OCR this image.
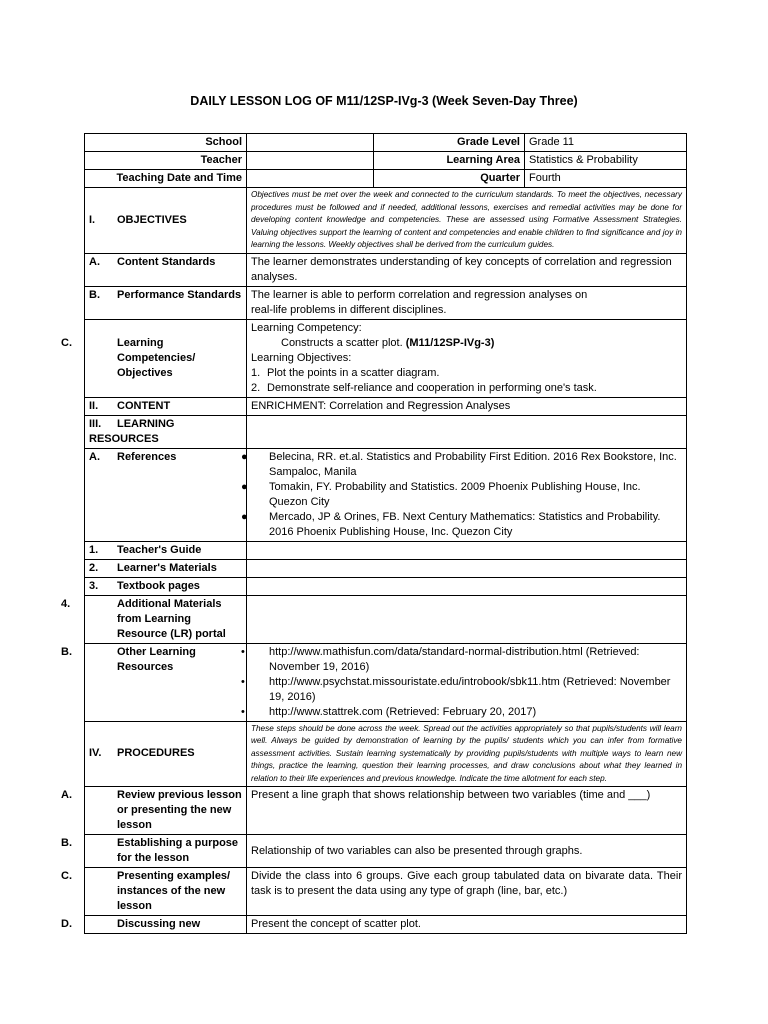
DAILY LESSON LOG OF M11/12SP-IVg-3 (Week Seven-Day Three)
School		Grade Level	Grade 11
Teacher		Learning Area	Statistics & Probability
Teaching Date and Time		Quarter	Fourth
I. OBJECTIVES	Objectives must be met over the week and connected to the curriculum standards. To meet the objectives, necessary procedures must be followed and if needed, additional lessons, exercises and remedial activities may be done for developing content knowledge and competencies. These are assessed using Formative Assessment Strategies. Valuing objectives support the learning of content and competencies and enable children to find significance and joy in learning the lessons. Weekly objectives shall be derived from the curriculum guides.		
A. Content Standards	The learner demonstrates understanding of key concepts of correlation and regression analyses.		
B. Performance Standards	The learner is able to perform correlation and regression analyses on
real-life problems in different disciplines.		

C. Learning Competencies/ Objectives	Learning Competency:
Constructs a scatter plot. (M11/12SP-IVg-3)
Learning Objectives:
1. Plot the points in a scatter diagram.
2. Demonstrate self-reliance and cooperation in performing one's task.		

II. CONTENT	ENRICHMENT: Correlation and Regression Analyses		
III. LEARNING RESOURCES			
A. References	● Belecina, RR. et.al. Statistics and Probability First Edition. 2016 Rex Bookstore, Inc. Sampaloc, Manila
● Tomakin, FY. Probability and Statistics. 2009 Phoenix Publishing House, Inc. Quezon City
● Mercado, JP & Orines, FB. Next Century Mathematics: Statistics and Probability. 2016 Phoenix Publishing House, Inc. Quezon City		

1. Teacher's Guide			
2. Learner's Materials			
3. Textbook pages			
4. Additional Materials from Learning Resource (LR) portal			
B. Other Learning Resources	• http://www.mathisfun.com/data/standard-normal-distribution.html (Retrieved: November 19, 2016)
• http://www.psychstat.missouristate.edu/introbook/sbk11.htm (Retrieved: November 19, 2016)
• http://www.stattrek.com (Retrieved: February 20, 2017)		

IV. PROCEDURES	These steps should be done across the week. Spread out the activities appropriately so that pupils/students will learn well. Always be guided by demonstration of learning by the pupils/ students which you can infer from formative assessment activities. Sustain learning systematically by providing pupils/students with multiple ways to learn new things, practice the learning, question their learning processes, and draw conclusions about what they learned in relation to their life experiences and previous knowledge. Indicate the time allotment for each step.		
A. Review previous lesson or presenting the new lesson	Present a line graph that shows relationship between two variables (time and ___)		
B. Establishing a purpose for the lesson	Relationship of two variables can also be presented through graphs.		
C. Presenting examples/ instances of the new lesson	Divide the class into 6 groups. Give each group tabulated data on bivarate data. Their task is to present the data using any type of graph (line, bar, etc.)		
D. Discussing new	Present the concept of scatter plot.		
